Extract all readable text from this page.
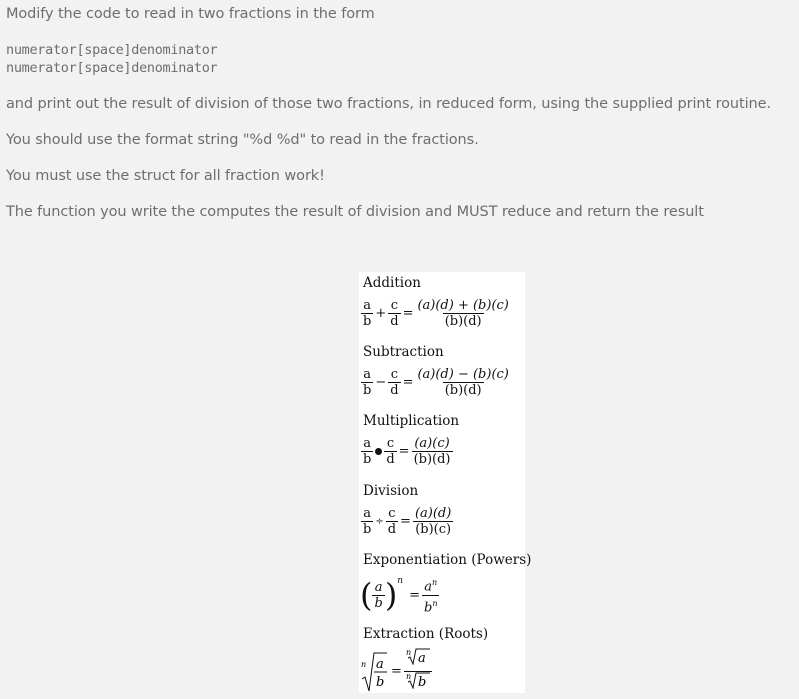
Modify the code to read in two fractions in the form
numerator[space]denominator
numerator[space]denominator
and print out the result of division of those two fractions, in reduced form, using the supplied print routine.
You should use the format string "%d %d" to read in the fractions.
You must use the struct for all fraction work!
The function you write the computes the result of division and MUST reduce and return the result
Addition
$\frac{a}{b} + \frac{c}{d} = \frac{(a)(d) + (b)(c)}{(b)(d)}$
Subtraction
$\frac{a}{b} - \frac{c}{d} = \frac{(a)(d) - (b)(c)}{(b)(d)}$
Multiplication
$\frac{a}{b} \frac{c}{d} = \frac{(a)(c)}{(b)(d)}$
Division
$\frac{a}{b} \div \frac{c}{d} = \frac{(a)(d)}{(b)(c)}$
Exponentiation (Powers)
( $\frac{a}{b}$ ) n
= $\frac{a^n}{b^n}$
Extraction (Roots)
n a
b
= $\frac{\text{n a}}{\text{n b}}$
